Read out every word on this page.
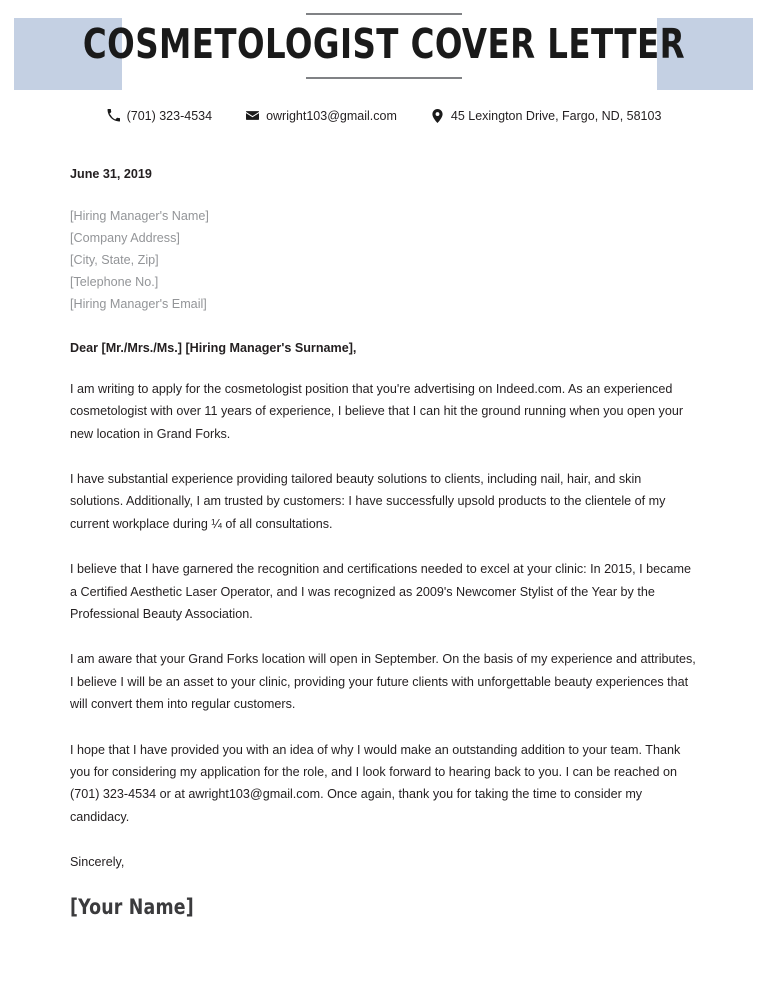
COSMETOLOGIST COVER LETTER
(701) 323-4534	owright103@gmail.com	45 Lexington Drive, Fargo, ND, 58103
June 31, 2019
[Hiring Manager's Name]
[Company Address]
[City, State, Zip]
[Telephone No.]
[Hiring Manager's Email]
Dear [Mr./Mrs./Ms.] [Hiring Manager's Surname],

I am writing to apply for the cosmetologist position that you're advertising on Indeed.com. As an experienced cosmetologist with over 11 years of experience, I believe that I can hit the ground running when you open your new location in Grand Forks.

I have substantial experience providing tailored beauty solutions to clients, including nail, hair, and skin solutions. Additionally, I am trusted by customers: I have successfully upsold products to the clientele of my current workplace during ¼ of all consultations.

I believe that I have garnered the recognition and certifications needed to excel at your clinic: In 2015, I became a Certified Aesthetic Laser Operator, and I was recognized as 2009's Newcomer Stylist of the Year by the Professional Beauty Association.

I am aware that your Grand Forks location will open in September. On the basis of my experience and attributes, I believe I will be an asset to your clinic, providing your future clients with unforgettable beauty experiences that will convert them into regular customers.

I hope that I have provided you with an idea of why I would make an outstanding addition to your team. Thank you for considering my application for the role, and I look forward to hearing back to you. I can be reached on (701) 323-4534 or at awright103@gmail.com. Once again, thank you for taking the time to consider my candidacy.

Sincerely,
[Your Name]
